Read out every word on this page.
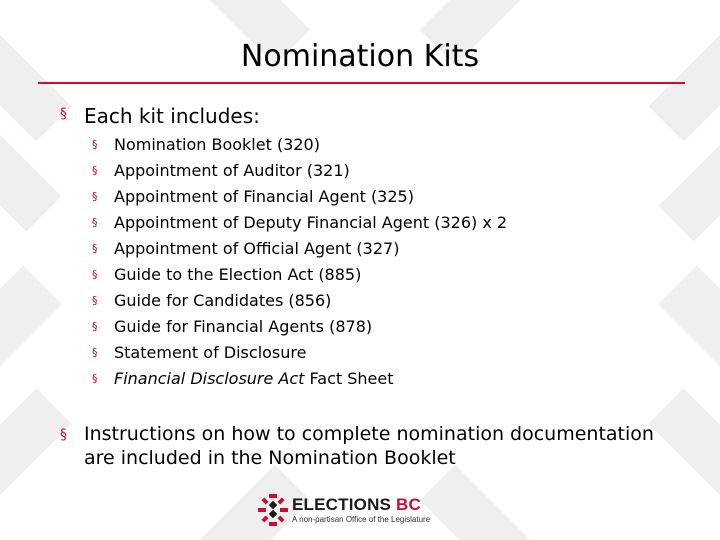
Nomination Kits
§ Each kit includes:
§ Nomination Booklet (320)
§ Appointment of Auditor (321)
§ Appointment of Financial Agent (325)
§ Appointment of Deputy Financial Agent (326) x 2
§ Appointment of Official Agent (327)
§ Guide to the Election Act (885)
§ Guide for Candidates (856)
§ Guide for Financial Agents (878)
§ Statement of Disclosure
§ Financial Disclosure Act Fact Sheet
§ Instructions on how to complete nomination documentation
are included in the Nomination Booklet
ELECTIONS BC
A non-partisan Office of the Legislature
